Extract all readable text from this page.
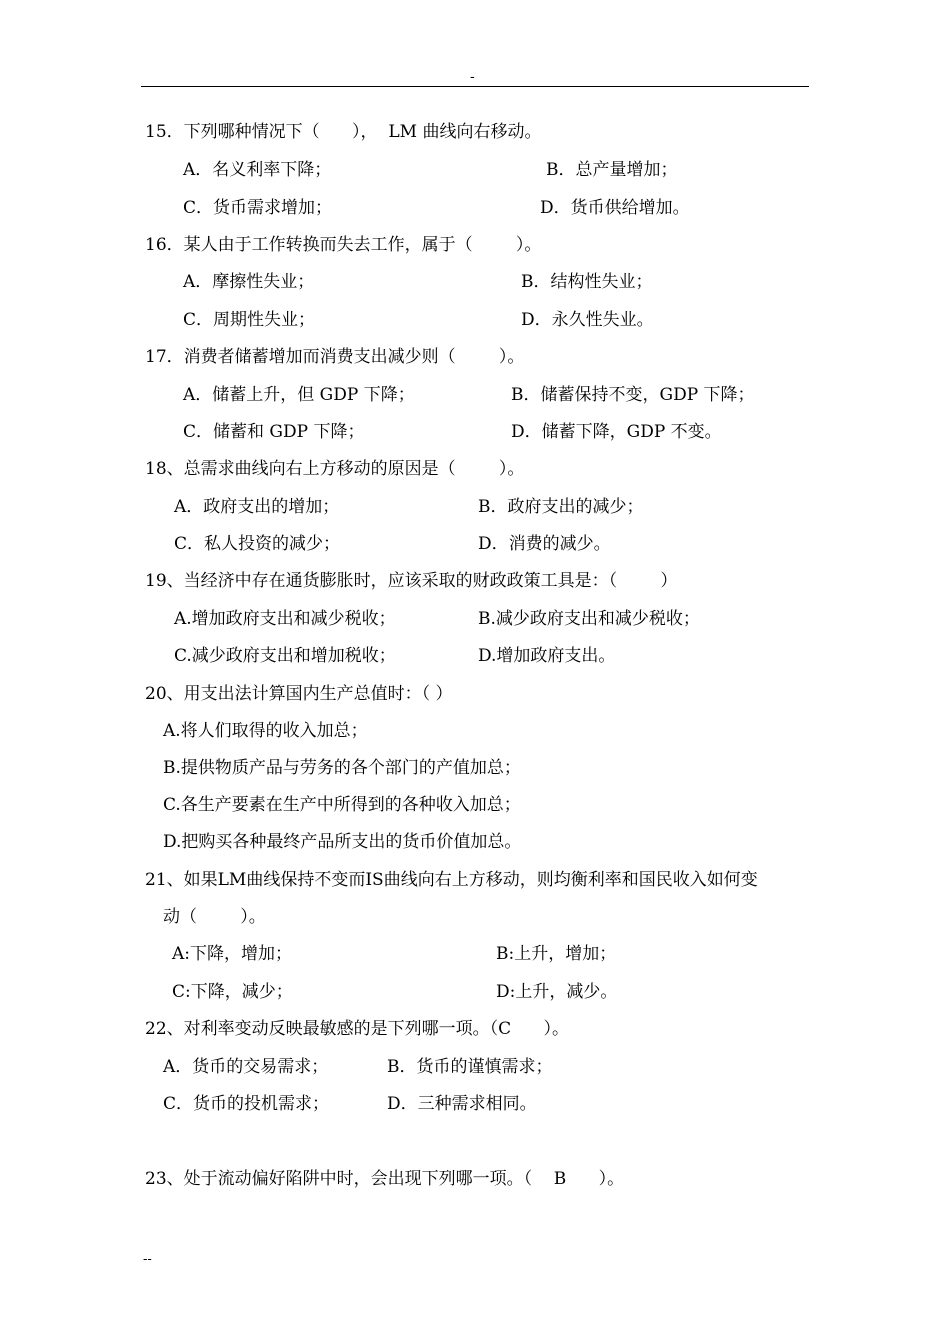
-
15．下列哪种情况下（      ），  LM 曲线向右移动。
A．名义利率下降；	B．总产量增加；
C．货币需求增加；	D．货币供给增加。
16．某人由于工作转换而失去工作，属于（        ）。
A．摩擦性失业；	B．结构性失业；
C．周期性失业；	D．永久性失业。
17．消费者储蓄增加而消费支出减少则（        ）。
A．储蓄上升，但 GDP 下降；	B．储蓄保持不变，GDP 下降；
C．储蓄和 GDP 下降；	D．储蓄下降，GDP 不变。
18、总需求曲线向右上方移动的原因是（        ）。
A．政府支出的增加；	B．政府支出的减少；
C．私人投资的减少；	D．消费的减少。
19、当经济中存在通货膨胀时，应该采取的财政政策工具是：（        ）
A.增加政府支出和减少税收；	B.减少政府支出和减少税收；
C.减少政府支出和增加税收；	D.增加政府支出。
20、用支出法计算国内生产总值时：（ ）
A.将人们取得的收入加总；
B.提供物质产品与劳务的各个部门的产值加总；
C.各生产要素在生产中所得到的各种收入加总；
D.把购买各种最终产品所支出的货币价值加总。
21、如果LM曲线保持不变而IS曲线向右上方移动，则均衡利率和国民收入如何变
动（        ）。
A:下降，增加；	B:上升，增加；
C:下降，减少；	D:上升，减少。
22、对利率变动反映最敏感的是下列哪一项。（C      ）。
A．货币的交易需求；	B．货币的谨慎需求；
C．货币的投机需求；	D．三种需求相同。
23、处于流动偏好陷阱中时，会出现下列哪一项。（    B      ）。
--
